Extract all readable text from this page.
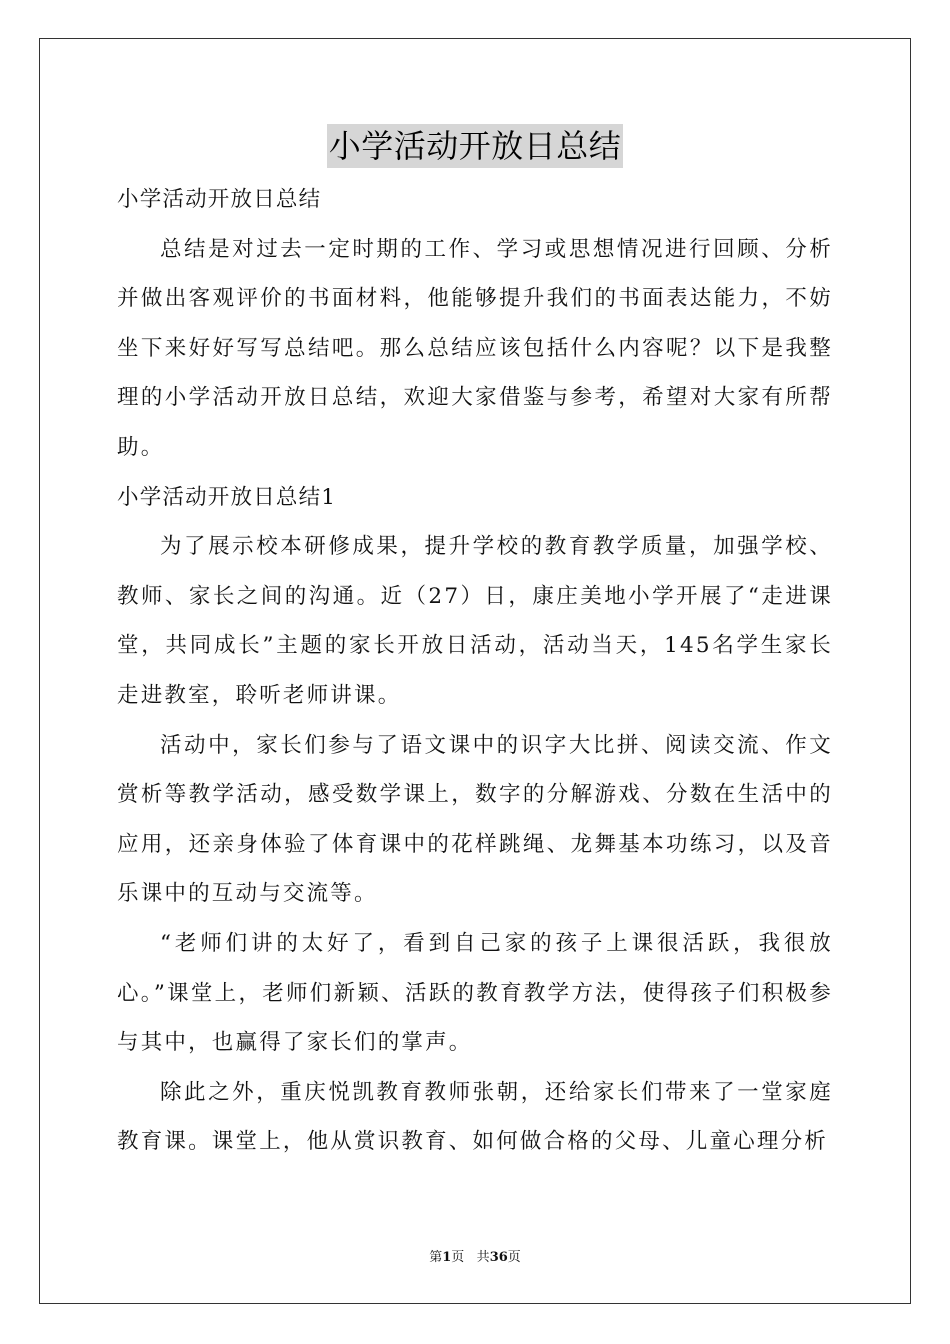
小学活动开放日总结

小学活动开放日总结

总结是对过去一定时期的工作、学习或思想情况进行回顾、分析并做出客观评价的书面材料，他能够提升我们的书面表达能力，不妨坐下来好好写写总结吧。那么总结应该包括什么内容呢？以下是我整理的小学活动开放日总结，欢迎大家借鉴与参考，希望对大家有所帮助。

小学活动开放日总结1

为了展示校本研修成果，提升学校的教育教学质量，加强学校、教师、家长之间的沟通。近（27）日，康庄美地小学开展了“走进课堂，共同成长”主题的家长开放日活动，活动当天，145名学生家长走进教室，聆听老师讲课。

活动中，家长们参与了语文课中的识字大比拼、阅读交流、作文赏析等教学活动，感受数学课上，数字的分解游戏、分数在生活中的应用，还亲身体验了体育课中的花样跳绳、龙舞基本功练习，以及音乐课中的互动与交流等。

“老师们讲的太好了，看到自己家的孩子上课很活跃，我很放心。”课堂上，老师们新颖、活跃的教育教学方法，使得孩子们积极参与其中，也赢得了家长们的掌声。

除此之外，重庆悦凯教育教师张朝，还给家长们带来了一堂家庭教育课。课堂上，他从赏识教育、如何做合格的父母、儿童心理分析

第1页 共36页
